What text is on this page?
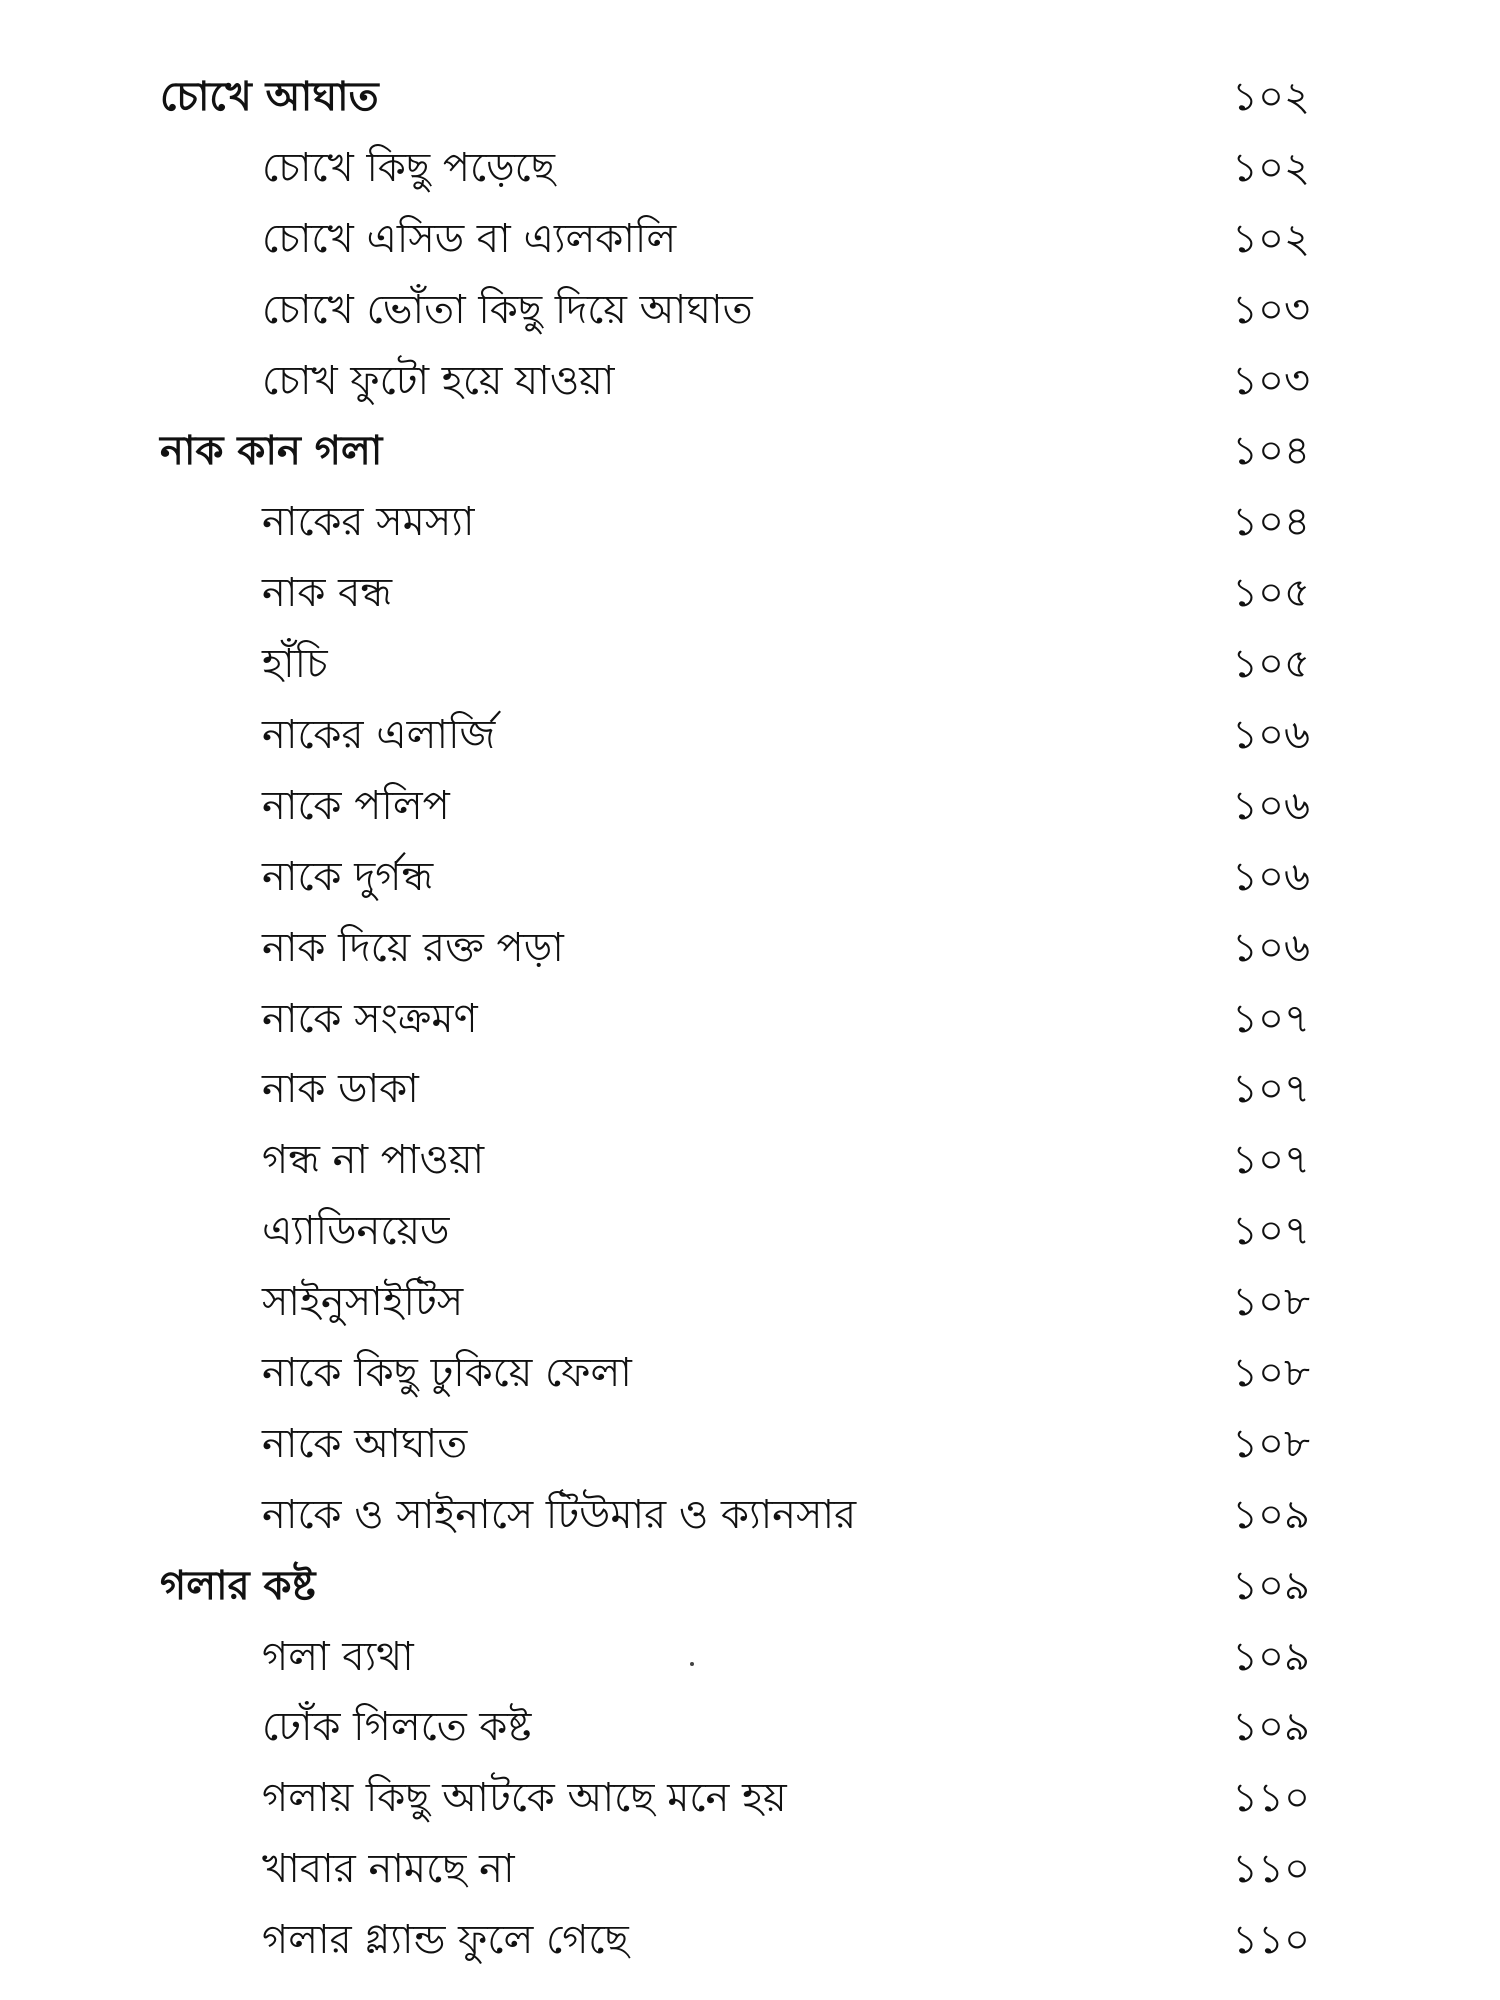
চোখে আঘাত	১০২
চোখে কিছু পড়েছে	১০২
চোখে এসিড বা এ্যলকালি	১০২
চোখে ভোঁতা কিছু দিয়ে আঘাত	১০৩
চোখ ফুটো হয়ে যাওয়া	১০৩
নাক কান গলা	১০৪
নাকের সমস্যা	১০৪
নাক বন্ধ	১০৫
হাঁচি	১০৫
নাকের এলার্জি	১০৬
নাকে পলিপ	১০৬
নাকে দুর্গন্ধ	১০৬
নাক দিয়ে রক্ত পড়া	১০৬
নাকে সংক্রমণ	১০৭
নাক ডাকা	১০৭
গন্ধ না পাওয়া	১০৭
এ্যাডিনয়েড	১০৭
সাইনুসাইটিস	১০৮
নাকে কিছু ঢুকিয়ে ফেলা	১০৮
নাকে আঘাত	১০৮
নাকে ও সাইনাসে টিউমার ও ক্যানসার	১০৯
গলার কষ্ট	১০৯
গলা ব্যথা	১০৯
ঢোঁক গিলতে কষ্ট	১০৯
গলায় কিছু আটকে আছে মনে হয়	১১০
খাবার নামছে না	১১০
গলার গ্ল্যান্ড ফুলে গেছে	১১০
